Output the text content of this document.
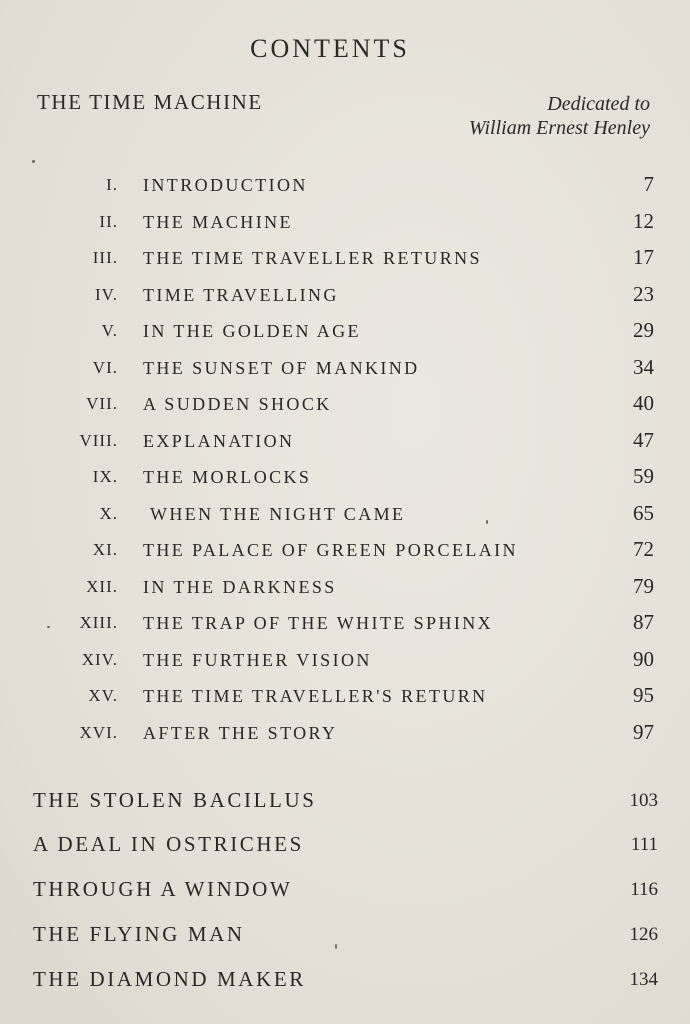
CONTENTS
THE TIME MACHINE	Dedicated to
William Ernest Henley
I. INTRODUCTION	7
II. THE MACHINE	12
III. THE TIME TRAVELLER RETURNS	17
IV. TIME TRAVELLING	23
V. IN THE GOLDEN AGE	29
VI. THE SUNSET OF MANKIND	34
VII. A SUDDEN SHOCK	40
VIII. EXPLANATION	47
IX. THE MORLOCKS	59
X. WHEN THE NIGHT CAME	65
XI. THE PALACE OF GREEN PORCELAIN	72
XII. IN THE DARKNESS	79
XIII. THE TRAP OF THE WHITE SPHINX	87
XIV. THE FURTHER VISION	90
XV. THE TIME TRAVELLER'S RETURN	95
XVI. AFTER THE STORY	97
THE STOLEN BACILLUS	103
A DEAL IN OSTRICHES	111
THROUGH A WINDOW	116
THE FLYING MAN	126
THE DIAMOND MAKER	134
